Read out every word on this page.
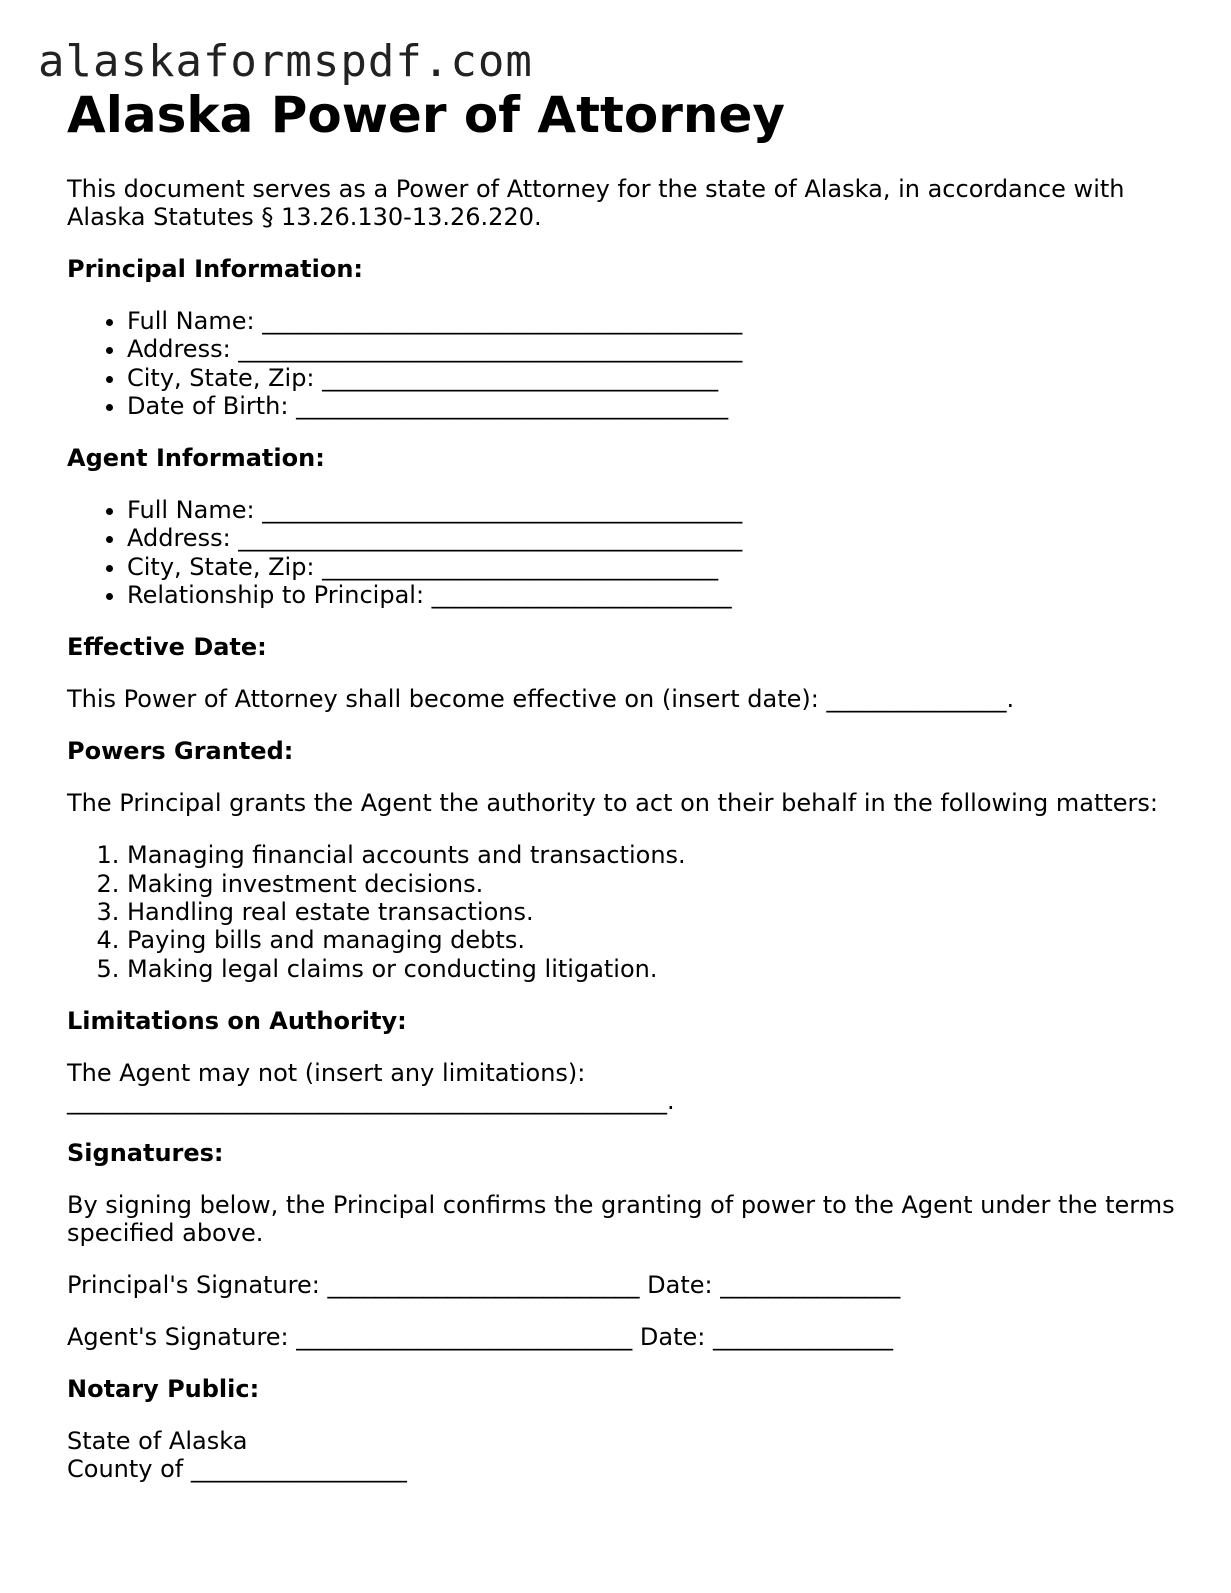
alaskaformspdf.com
Alaska Power of Attorney

This document serves as a Power of Attorney for the state of Alaska, in accordance with Alaska Statutes § 13.26.130-13.26.220.

Principal Information:
• Full Name: ________________________________________
• Address: __________________________________________
• City, State, Zip: _________________________________
• Date of Birth: ____________________________________
Agent Information:
• Full Name: ________________________________________
• Address: __________________________________________
• City, State, Zip: _________________________________
• Relationship to Principal: _________________________
Effective Date:

This Power of Attorney shall become effective on (insert date): _______________.

Powers Granted:

The Principal grants the Agent the authority to act on their behalf in the following matters:

1. Managing financial accounts and transactions.
2. Making investment decisions.
3. Handling real estate transactions.
4. Paying bills and managing debts.
5. Making legal claims or conducting litigation.
Limitations on Authority:

The Agent may not (insert any limitations):

__________________________________________________.

Signatures:

By signing below, the Principal confirms the granting of power to the Agent under the terms specified above.

Principal's Signature: __________________________ Date: _______________

Agent's Signature: ____________________________ Date: _______________

Notary Public:

State of Alaska

County of __________________
